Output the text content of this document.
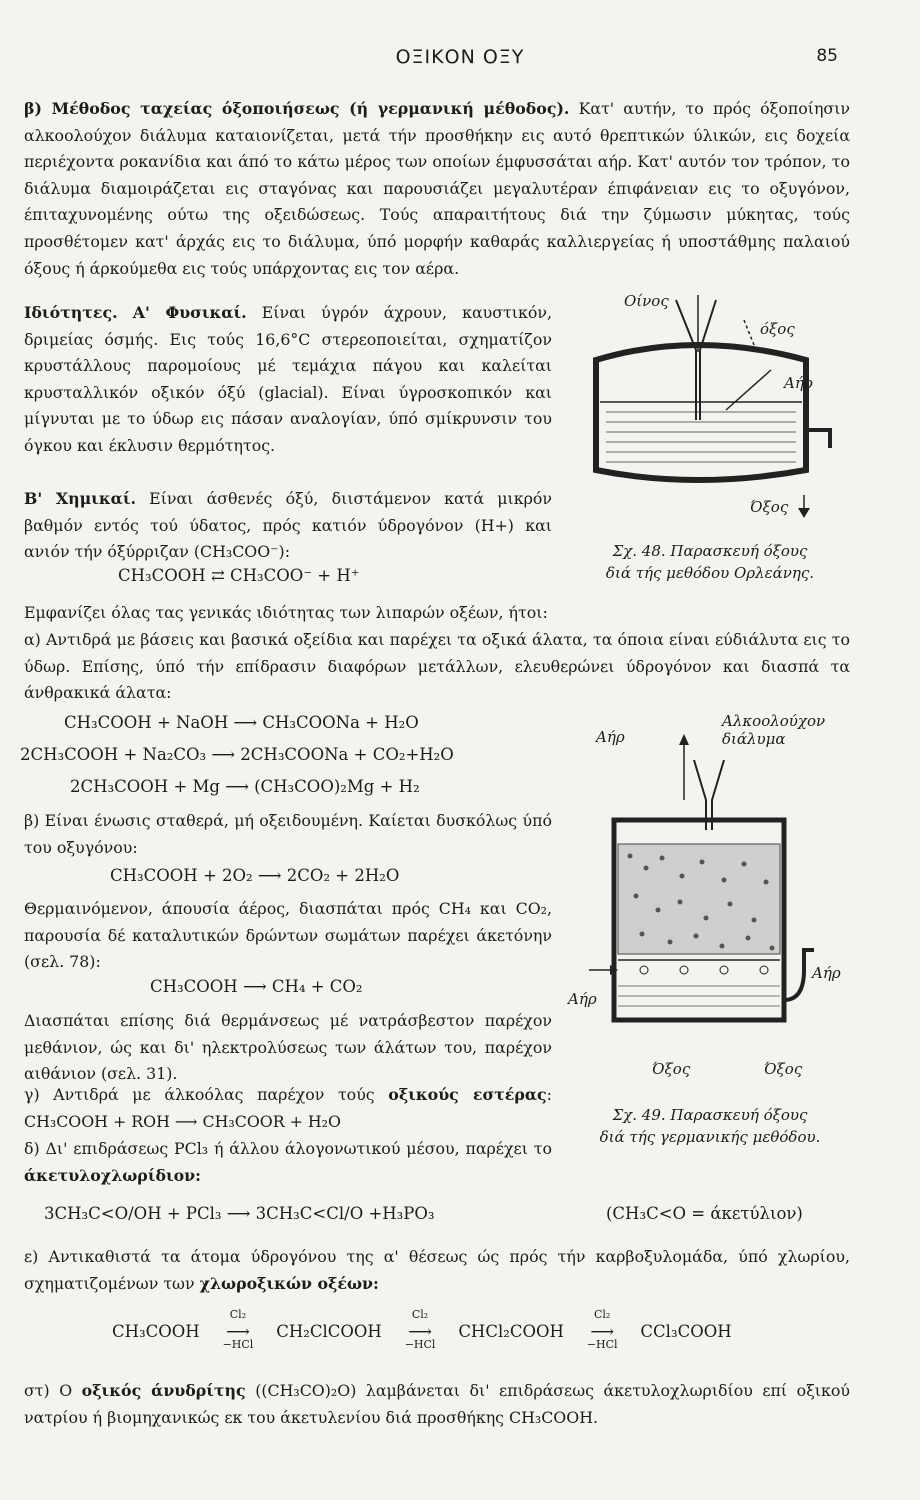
ΟΞΙΚΟΝ ΟΞΥ	85
β) Μέθοδος ταχείας όξοποιήσεως (ή γερμανική μέθοδος). Κατ' αυτήν, το πρός όξοποίησιν αλκοολούχον διάλυμα καταιονίζεται, μετά τήν προσθήκην εις αυτό θρεπτικών ύλικών, εις δοχεία περιέχοντα ροκανίδια και άπό το κάτω μέρος των οποίων έμφυσσάται αήρ. Κατ' αυτόν τον τρόπον, το διάλυμα διαμοιράζεται εις σταγόνας και παρουσιάζει μεγαλυτέραν έπιφάνειαν εις το οξυγόνον, έπιταχυνομένης ούτω της οξειδώσεως. Τούς απαραιτήτους διά την ζύμωσιν μύκητας, τούς προσθέτομεν κατ' άρχάς εις το διάλυμα, ύπό μορφήν καθαράς καλλιεργείας ή υποστάθμης παλαιού όξους ή άρκούμεθα εις τούς υπάρχοντας εις τον αέρα.
Ιδιότητες. Α' Φυσικαί. Είναι ύγρόν άχρουν, καυστικόν, δριμείας όσμής. Εις τούς 16,6°C στερεοποιείται, σχηματίζον κρυστάλλους παρομοίους μέ τεμάχια πάγου και καλείται κρυσταλλικόν οξικόν όξύ (glacial). Είναι ύγροσκοπικόν και μίγνυται με το ύδωρ εις πάσαν αναλογίαν, ύπό σμίκρυνσιν του όγκου και έκλυσιν θερμότητος.
Β' Χημικαί. Είναι άσθενές όξύ, διιστάμενον κατά μικρόν βαθμόν εντός τού ύδατος, πρός κατιόν ύδρογόνον (H+) και ανιόν τήν όξύρριζαν (CH₃COO⁻):
CH₃COOH ⇄ CH₃COO⁻ + H⁺
Εμφανίζει όλας τας γενικάς ιδιότητας των λιπαρών οξέων, ήτοι:
α) Αντιδρά με βάσεις και βασικά οξείδια και παρέχει τα οξικά άλατα, τα όποια είναι εύδιάλυτα εις το ύδωρ. Επίσης, ύπό τήν επίδρασιν διαφόρων μετάλλων, ελευθερώνει ύδρογόνον και διασπά τα άνθρακικά άλατα:
CH₃COOH + NaOH ⟶ CH₃COONa + H₂O
2CH₃COOH + Na₂CO₃ ⟶ 2CH₃COONa + CO₂+H₂O
2CH₃COOH + Mg ⟶ (CH₃COO)₂Mg + H₂
β) Είναι ένωσις σταθερά, μή οξειδουμένη. Καίεται δυσκόλως ύπό του οξυγόνου:
CH₃COOH + 2O₂ ⟶ 2CO₂ + 2H₂O
Θερμαινόμενον, άπουσία άέρος, διασπάται πρός CH₄ και CO₂, παρουσία δέ καταλυτικών δρώντων σωμάτων παρέχει άκετόνην (σελ. 78):
CH₃COOH ⟶ CH₄ + CO₂
Διασπάται επίσης διά θερμάνσεως μέ νατράσβεστον παρέχον μεθάνιον, ώς και δι' ηλεκτρολύσεως των άλάτων του, παρέχον αιθάνιον (σελ. 31).
γ) Αντιδρά με άλκοόλας παρέχον τούς οξικούς εστέρας: CH₃COOH + ROH ⟶ CH₃COOR + H₂O
δ) Δι' επιδράσεως PCl₃ ή άλλου άλογονωτικού μέσου, παρέχει το άκετυλοχλωρίδιον:
3CH₃C<O/OH + PCl₃ ⟶ 3CH₃C<Cl/O +H₃PO₃	(CH₃C<O = άκετύλιον)
ε) Αντικαθιστά τα άτομα ύδρογόνου της α' θέσεως ώς πρός τήν καρβοξυλομάδα, ύπό χλωρίου, σχηματιζομένων των χλωροξικών οξέων:
CH₃COOH ⟶
Cl₂
−HCl
CH₂ClCOOH ⟶
Cl₂
−HCl
CHCl₂COOH ⟶
Cl₂
−HCl
CCl₃COOH
στ) Ο οξικός άνυδρίτης ((CH₃CO)₂O) λαμβάνεται δι' επιδράσεως άκετυλοχλωριδίου επί οξικού νατρίου ή βιομηχανικώς εκ του άκετυλενίου διά προσθήκης CH₃COOH.
Οίνος
όξος
Αήρ
Όξος
Σχ. 48. Παρασκευή όξους
διά τής μεθόδου Ορλεάνης.
Αλκοολούχον διάλυμα
Αήρ
Αήρ
Αήρ
Όξος	Όξος
Σχ. 49. Παρασκευή όξους
διά τής γερμανικής μεθόδου.
